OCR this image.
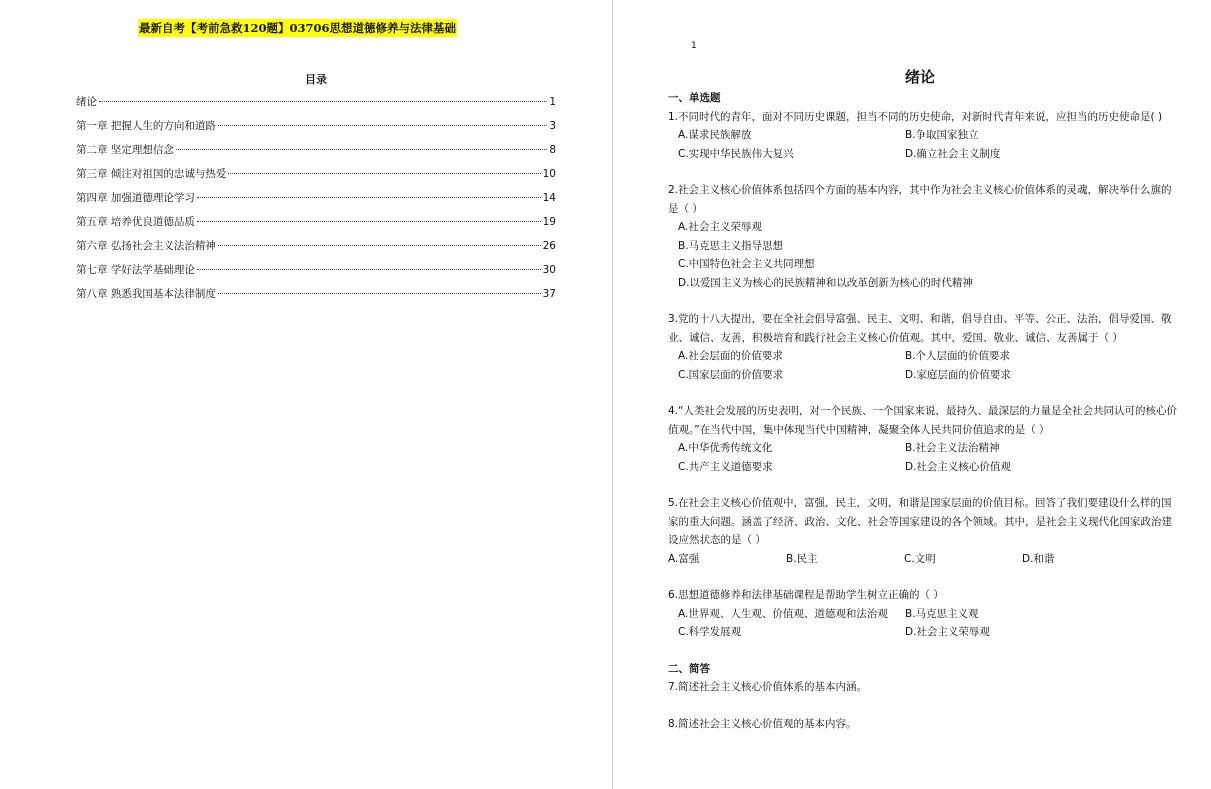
最新自考【考前急救120题】03706思想道德修养与法律基础
目录
绪论	1
第一章 把握人生的方向和道路	3
第二章 坚定理想信念	8
第三章 倾注对祖国的忠诚与热爱	10
第四章 加强道德理论学习	14
第五章 培养优良道德品质	19
第六章 弘扬社会主义法治精神	26
第七章 学好法学基础理论	30
第八章 熟悉我国基本法律制度	37
1
绪论
一、单选题

1.不同时代的青年，面对不同历史课题，担当不同的历史使命，对新时代青年来说，应担当的历史使命是( )

A.谋求民族解放	B.争取国家独立
C.实现中华民族伟大复兴	D.确立社会主义制度

2.社会主义核心价值体系包括四个方面的基本内容，其中作为社会主义核心价值体系的灵魂，解决举什么旗的是（ ）

A.社会主义荣辱观
B.马克思主义指导思想
C.中国特色社会主义共同理想
D.以爱国主义为核心的民族精神和以改革创新为核心的时代精神

3.党的十八大提出，要在全社会倡导富强、民主、文明、和谐，倡导自由、平等、公正、法治，倡导爱国、敬业、诚信、友善，积极培育和践行社会主义核心价值观。其中，爱国、敬业、诚信、友善属于（ ）

A.社会层面的价值要求	B.个人层面的价值要求
C.国家层面的价值要求	D.家庭层面的价值要求

4.“人类社会发展的历史表明，对一个民族、一个国家来说，最持久、最深层的力量是全社会共同认可的核心价值观。”在当代中国，集中体现当代中国精神，凝聚全体人民共同价值追求的是（ ）

A.中华优秀传统文化	B.社会主义法治精神
C.共产主义道德要求	D.社会主义核心价值观

5.在社会主义核心价值观中，富强，民主，文明，和谐是国家层面的价值目标。回答了我们要建设什么样的国家的重大问题。涵盖了经济、政治、文化、社会等国家建设的各个领域。其中，是社会主义现代化国家政治建设应然状态的是（ ）

A.富强	B.民主	C.文明	D.和谐

6.思想道德修养和法律基础课程是帮助学生树立正确的（ ）

A.世界观、人生观、价值观、道德观和法治观	B.马克思主义观
C.科学发展观	D.社会主义荣辱观
二、简答
7.简述社会主义核心价值体系的基本内涵。
8.简述社会主义核心价值观的基本内容。
